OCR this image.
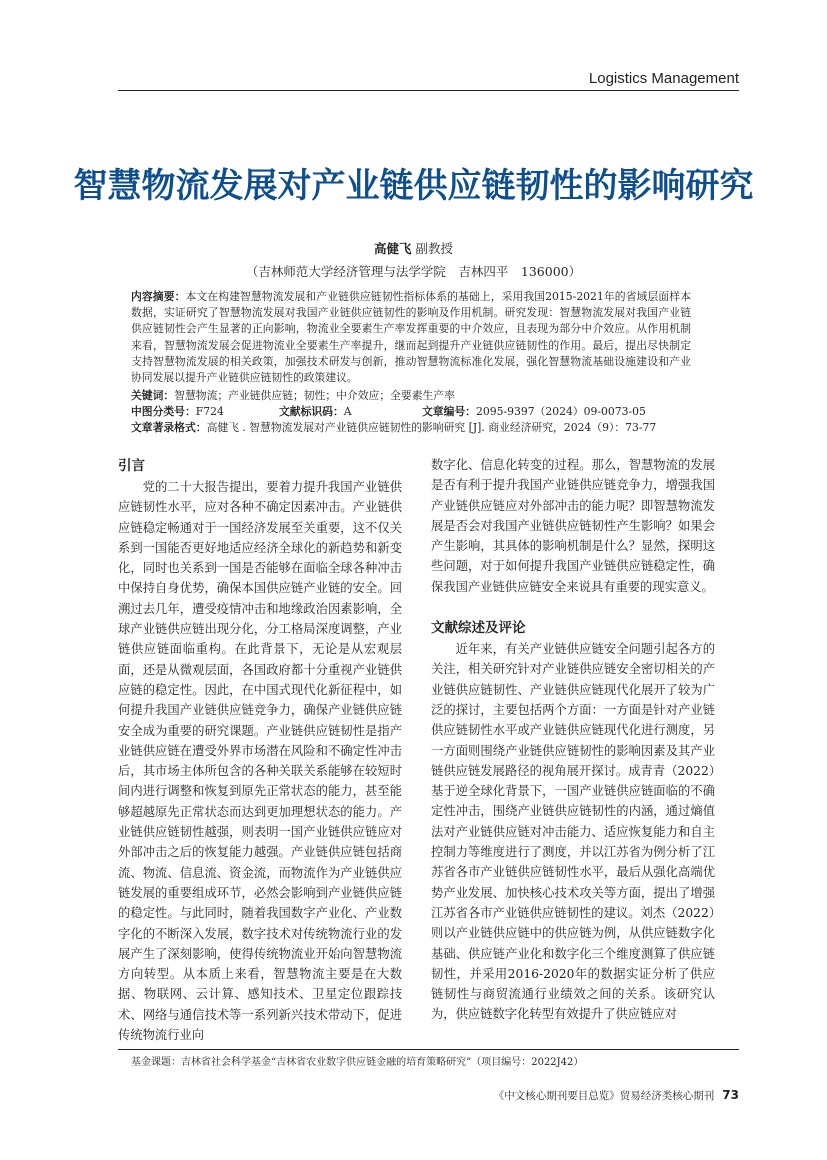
Logistics Management
智慧物流发展对产业链供应链韧性的影响研究
高健飞 副教授
（吉林师范大学经济管理与法学学院　吉林四平　136000）
内容摘要：本文在构建智慧物流发展和产业链供应链韧性指标体系的基础上，采用我国2015-2021年的省域层面样本数据，实证研究了智慧物流发展对我国产业链供应链韧性的影响及作用机制。研究发现：智慧物流发展对我国产业链供应链韧性会产生显著的正向影响，物流业全要素生产率发挥重要的中介效应，且表现为部分中介效应。从作用机制来看，智慧物流发展会促进物流业全要素生产率提升，继而起到提升产业链供应链韧性的作用。最后，提出尽快制定支持智慧物流发展的相关政策，加强技术研发与创新，推动智慧物流标准化发展，强化智慧物流基础设施建设和产业协同发展以提升产业链供应链韧性的政策建议。
关键词：智慧物流；产业链供应链；韧性；中介效应；全要素生产率
中图分类号：F724	文献标识码：A	文章编号：2095-9397（2024）09-0073-05
文章著录格式：高健飞 . 智慧物流发展对产业链供应链韧性的影响研究 [J]. 商业经济研究，2024（9）：73-77
引言

党的二十大报告提出，要着力提升我国产业链供应链韧性水平，应对各种不确定因素冲击。产业链供应链稳定畅通对于一国经济发展至关重要，这不仅关系到一国能否更好地适应经济全球化的新趋势和新变化，同时也关系到一国是否能够在面临全球各种冲击中保持自身优势，确保本国供应链产业链的安全。回溯过去几年，遭受疫情冲击和地缘政治因素影响，全球产业链供应链出现分化，分工格局深度调整，产业链供应链面临重构。在此背景下，无论是从宏观层面，还是从微观层面，各国政府都十分重视产业链供应链的稳定性。因此，在中国式现代化新征程中，如何提升我国产业链供应链竞争力，确保产业链供应链安全成为重要的研究课题。产业链供应链韧性是指产业链供应链在遭受外界市场潜在风险和不确定性冲击后，其市场主体所包含的各种关联关系能够在较短时间内进行调整和恢复到原先正常状态的能力，甚至能够超越原先正常状态而达到更加理想状态的能力。产业链供应链韧性越强，则表明一国产业链供应链应对外部冲击之后的恢复能力越强。产业链供应链包括商流、物流、信息流、资金流，而物流作为产业链供应链发展的重要组成环节，必然会影响到产业链供应链的稳定性。与此同时，随着我国数字产业化、产业数字化的不断深入发展，数字技术对传统物流行业的发展产生了深刻影响，使得传统物流业开始向智慧物流方向转型。从本质上来看，智慧物流主要是在大数据、物联网、云计算、感知技术、卫星定位跟踪技术、网络与通信技术等一系列新兴技术带动下，促进传统物流行业向

数字化、信息化转变的过程。那么，智慧物流的发展是否有利于提升我国产业链供应链竞争力，增强我国产业链供应链应对外部冲击的能力呢？即智慧物流发展是否会对我国产业链供应链韧性产生影响？如果会产生影响，其具体的影响机制是什么？显然，探明这些问题，对于如何提升我国产业链供应链稳定性，确保我国产业链供应链安全来说具有重要的现实意义。

文献综述及评论

近年来，有关产业链供应链安全问题引起各方的关注，相关研究针对产业链供应链安全密切相关的产业链供应链韧性、产业链供应链现代化展开了较为广泛的探讨，主要包括两个方面：一方面是针对产业链供应链韧性水平或产业链供应链现代化进行测度，另一方面则围绕产业链供应链韧性的影响因素及其产业链供应链发展路径的视角展开探讨。成青青（2022）基于逆全球化背景下，一国产业链供应链面临的不确定性冲击，围绕产业链供应链韧性的内涵，通过熵值法对产业链供应链对冲击能力、适应恢复能力和自主控制力等维度进行了测度，并以江苏省为例分析了江苏省各市产业链供应链韧性水平，最后从强化高端优势产业发展、加快核心技术攻关等方面，提出了增强江苏省各市产业链供应链韧性的建议。刘杰（2022）则以产业链供应链中的供应链为例，从供应链数字化基础、供应链产业化和数字化三个维度测算了供应链韧性，并采用2016-2020年的数据实证分析了供应链韧性与商贸流通行业绩效之间的关系。该研究认为，供应链数字化转型有效提升了供应链应对

基金课题：吉林省社会科学基金“吉林省农业数字供应链金融的培育策略研究”（项目编号：2022J42）
《中文核心期刊要目总览》贸易经济类核心期刊 73
